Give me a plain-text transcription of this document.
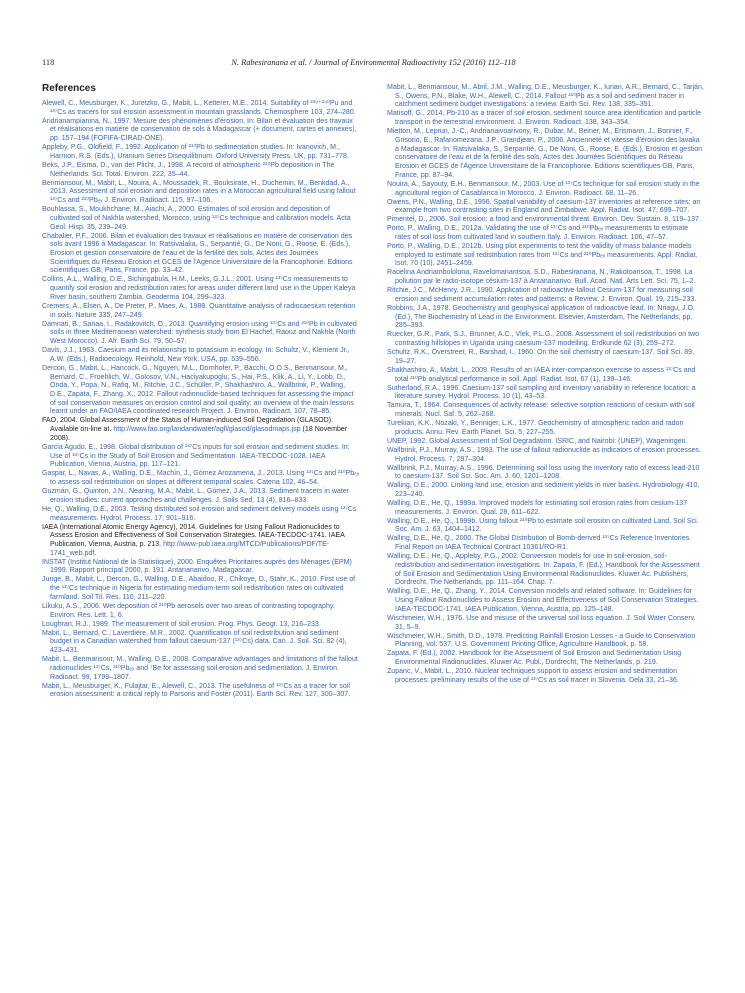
118	N. Rabesiranana et al. / Journal of Environmental Radioactivity 152 (2016) 112–118
References
Alewell, C., Meusburger, K., Juretzko, G., Mabit, L., Ketterer, M.E., 2014. Suitability of ²³⁹⁺²⁴⁰Pu and ¹³⁷Cs as tracers for soil erosion assessment in mountain grasslands. Chemosphere 103, 274–280.
Andrianampianina, N., 1997. Mesure des phénomènes d'érosion. In: Bilan et évaluation des travaux et réalisations en matière de conservation de sols à Madagascar (+ document, cartes et annexes), pp. 157–194 (FOFIFA-CIRAD-ONE).
Appleby, P.G., Oldfield, F., 1992. Application of ²¹⁰Pb to sedimentation studies. In: Ivanovich, M., Harmon, R.S. (Eds.), Uranium Series Disequilibrium. Oxford University Press, UK, pp. 731–778.
Beks, J.P., Eisma, D., van der Plicht, J., 1998. A record of atmospheric ²¹⁰Pb deposition in The Netherlands. Sci. Total. Environ. 222, 35–44.
Benmansour, M., Mabit, L., Nouira, A., Moussadek, R., Bouksirate, H., Duchemin, M., Benkdad, A., 2013. Assessment of soil erosion and deposition rates in a Moroccan agricultural field using fallout ¹³⁷Cs and ²¹⁰Pbₑₓ J. Environ. Radioact. 115, 97–106.
Bouhlassa, S., Moukhchane, M., Aiachi, A., 2000. Estimates of soil erosion and deposition of cultivated soil of Nakhla watershed, Morocco, using ¹³⁷Cs technique and calibration models. Acta Geol. Hisp. 35, 239–249.
Chabalier, P.F., 2006. Bilan et évaluation des travaux et réalisations en matière de conservation des sols avant 1996 à Madagascar. In: Ratsivalaka, S., Serpantié, G., De Noni, G., Roose, E. (Eds.), Erosion et gestion conservatoire de l'eau et de la fertilité des sols, Actes des Journées Scientifiques du Réseau Erosion et GCES de l'Agence Universitaire de la Francophonie. Editions scientifiques GB, Paris, France, pp. 33–42.
Collins, A.L., Walling, D.E., Sichingabula, H.M., Leeks, G.J.L., 2001. Using ¹³⁷Cs measurements to quantify soil erosion and redistribution rates for areas under different land use in the Upper Kaleya River basin, southern Zambia. Geoderma 104, 299–323.
Cremers, A., Elsen, A., De Preter, P., Maes, A., 1988. Quantitative analysis of radiocaesium retention in soils. Nature 335, 247–249.
Damnati, B., Sanaa, I., Radakovitch, O., 2013. Quantifying erosion using ¹³⁷Cs and ²¹⁰Pb in cultivated soils in three Mediterranean watershed: synthesis study from El Hachef, Raouz and Nakhla (North West Morocco). J. Afr. Earth Sci. 79, 50–57.
Davis, J.J., 1963. Caesium and its relationship to potassium in ecology. In: Schultz, V., Klement Jr., A.W. (Eds.), Radioecology. Reinhold, New York, USA, pp. 539–556.
Dercon, G., Mabit, L., Hancock, G., Nguyen, M.L., Dornhofer, P., Bacchi, O.O.S., Benmansour, M., Bernard, C., Froehlich, W., Golosov, V.N., Haciyakupoglu, S., Hai, P.S., Klik, A., Li, Y., Lobb, D., Onda, Y., Popa, N., Rafiq, M., Ritchie, J.C., Schüller, P., Shakhashiro, A., Wallbrink, P., Walling, D.E., Zapata, F., Zhang, X., 2012. Fallout radionuclide-based techniques for assessing the impact of soil conservation measures on erosion control and soil quality: an overview of the main lessons learnt under an FAO/IAEA coordinated research Project. J. Environ. Radioact. 107, 78–85.
FAO, 2004. Global Assessment of the Status of Human-induced Soil Degradation (GLASOD). Available on-line at. http://www.fao.org/landandwater/agll/glasod/glasodmaps.jsp (18 November 2008).
Garcia Agudo, E., 1998. Global distribution of ¹³⁷Cs inputs for soil erosion and sediment studies. In: Use of ¹³⁷Cs in the Study of Soil Erosion and Sedimentation. IAEA-TECDOC-1028. IAEA Publication, Vienna, Austria, pp. 117–121.
Gaspar, L., Navas, A., Walling, D.E., Machín, J., Gómez Arozamena, J., 2013. Using ¹³⁷Cs and ²¹⁰Pbₑₓ to assess soil redistribution on slopes at different temporal scales. Catena 102, 46–54.
Guzmán, G., Quinton, J.N., Nearing, M.A., Mabit, L., Gómez, J.A., 2013. Sediment tracers in water erosion studies: current approaches and challenges. J. Soils Sed. 13 (4), 816–833.
He, Q., Walling, D.E., 2003. Testing distributed soil erosion and sediment delivery models using ¹³⁷Cs measurements. Hydrol. Process. 17, 901–916.
IAEA (International Atomic Energy Agency), 2014. Guidelines for Using Fallout Radionuclides to Assess Erosion and Effectiveness of Soil Conservation Strategies. IAEA-TECDOC-1741. IAEA Publication, Vienna, Austria, p. 213. http://www-pub.iaea.org/MTCD/Publications/PDF/TE-1741_web.pdf.
INSTAT (Institut National de la Statistique), 2000. Enquêtes Prioritaires auprès des Ménages (EPM) 1999. Rapport principal 2000, p. 191. Antananarivo, Madagascar.
Junge, B., Mabit, L., Dercon, G., Walling, D.E., Abaidoo, R., Chikoye, D., Stahr, K., 2010. First use of the ¹³⁷Cs technique in Nigeria for estimating medium-term soil redistribution rates on cultivated farmland. Soil Til. Res. 110, 211–220.
Likuku, A.S., 2006. Wet deposition of ²¹⁰Pb aerosols over two areas of contrasting topography. Environ. Res. Lett. 1, 6.
Loughran, R.J., 1989. The measurement of soil erosion. Prog. Phys. Geogr. 13, 216–233.
Mabit, L., Bernard, C., Laverdière, M.R., 2002. Quantification of soil redistribution and sediment budget in a Canadian watershed from fallout caesium-137 (¹³⁷Cs) data. Can. J. Soil. Sci. 82 (4), 423–431.
Mabit, L., Benmansour, M., Walling, D.E., 2008. Comparative advantages and limitations of the fallout radionuclides ¹³⁷Cs, ²¹⁰Pbₑₓ and ⁷Be for assessing soil erosion and sedimentation. J. Environ. Radioact. 99, 1799–1807.
Mabit, L., Meusburger, K., Fulajtar, E., Alewell, C., 2013. The usefulness of ¹³⁷Cs as a tracer for soil erosion assessment: a critical reply to Parsons and Foster (2011). Earth Sci. Rev. 127, 300–307.
Mabit, L., Benmansour, M., Abril, J.M., Walling, D.E., Meusburger, K., Iurian, A.R., Bernard, C., Tarján, S., Owens, P.N., Blake, W.H., Alewell, C., 2014. Fallout ²¹⁰Pb as a soil and sediment tracer in catchment sediment budget investigations: a review. Earth Sci. Rev. 138, 335–351.
Matisoff, G., 2014. Pb-210 as a tracer of soil erosion, sediment source area identification and particle transport in the terrestrial environment. J. Environ. Radioact. 138, 343–354.
Mietton, M., Leprun, J.-C., Andrianaivoarivony, R., Dubar, M., Beiner, M., Erismann, J., Bonnier, F., Grisorio, E., Rafanomezana, J.P., Grandjean, P., 2006. Ancienneté et vitesse d'érosion des lavaka à Madagascar. In: Ratsivalaka, S., Serpantié, G., De Noni, G., Roose, E. (Eds.), Erosion et gestion conservatoire de l'eau et de la fertilité des sols, Actes des Journées Scientifiques du Réseau Erosion et GCES de l'Agence Universitaire de la Francophonie. Editions scientifiques GB, Paris, France, pp. 87–94.
Nouira, A., Sayouty, E.H., Benmansour, M., 2003. Use of ¹³⁷Cs technique for soil erosion study in the agricultural region of Casablanca in Morocco. J. Environ. Radioact. 68, 11–26.
Owens, P.N., Walling, D.E., 1996. Spatial variability of caesium-137 inventories at reference sites: an example from two contrasting sites in England and Zimbabwe. Appl. Radiat. Isot. 47, 699–707.
Pimentel, D., 2006. Soil erosion: a food and environmental threat. Environ. Dev. Sustain. 8, 119–137.
Porto, P., Walling, D.E., 2012a. Validating the use of ¹³⁷Cs and ²¹⁰Pbₑₓ measurements to estimate rates of soil loss from cultivated land in southern Italy. J. Environ. Radioact. 106, 47–57.
Porto, P., Walling, D.E., 2012b. Using plot experiments to test the validity of mass balance models employed to estimate soil redistribution rates from ¹³⁷Cs and ²¹⁰Pbₑₓ measurements. Appl. Radiat. Isot. 70 (10), 2451–2459.
Raoelina Andriambololona, Ravelomanantsoa, S.D., Rabesiranana, N., Rakotoarisoa, T., 1998. La pollution par le radio-isotope césium-137 à Antananarivo. Bull. Acad. Natl. Arts Lett. Sci. 75, 1–2.
Ritchie, J.C., McHenry, J.R., 1990. Application of radioactive fallout Cesium-137 for measuring soil erosion and sediment accumulation rates and patterns: a Review. J. Environ. Qual. 19, 215–233.
Robbins, J.A., 1978. Geochemistry and geophysical application of radioactive lead. In: Nriagu, J.O. (Ed.), The Biochemistry of Lead in the Environment. Elsevier, Amsterdam, The Netherlands, pp. 285–393.
Ruecker, G.R., Park, S.J., Brunner, A.C., Vlek, P.L.G., 2008. Assessment of soil redistribution on two contrasting hillslopes in Uganda using caesium-137 modelling. Erdkunde 62 (3), 259–272.
Schultz, R.K., Overstreet, R., Barshad, I., 1960. On the soil chemistry of caesium-137. Soil Sci. 89, 19–27.
Shakhashiro, A., Mabit, L., 2009. Results of an IAEA inter-comparison exercise to assess ¹³⁷Cs and total ²¹⁰Pb analytical performance in soil. Appl. Radiat. Isot. 67 (1), 139–146.
Sutherland, R.A., 1996. Caesium-137 soil sampling and inventory variability in reference location: a literature survey. Hydrol. Process. 10 (1), 43–53.
Tamura, T., 1964. Consequences of activity release: selective sorption reactions of cesium with soil minerals. Nucl. Saf. 5, 262–268.
Turekian, K.K., Nozaki, Y., Benniger, L.K., 1977. Geochemistry of atmospheric radon and radon products. Annu. Rev. Earth Planet. Sci. 5, 227–255.
UNEP, 1992. Global Assessment of Soil Degradation. ISRIC, and Nairobi: (UNEP), Wageningen.
Wallbrink, P.J., Murray, A.S., 1993. The use of fallout radionuclide as indicators of erosion processes. Hydrol. Process. 7, 297–304.
Wallbrink, P.J., Murray, A.S., 1996. Determining soil loss using the inventory ratio of excess lead-210 to caesium-137. Soil Sci. Soc. Am. J. 60, 1201–1208.
Walling, D.E., 2000. Linking land use, erosion and sediment yields in river basins. Hydrobiology 410, 223–240.
Walling, D.E., He, Q., 1999a. Improved models for estimating soil erosion rates from cesium-137 measurements. J. Environ. Qual. 28, 611–622.
Walling, D.E., He, Q., 1999b. Using fallout ²¹⁰Pb to estimate soil erosion on cultivated Land. Soil Sci. Soc. Am. J. 63, 1404–1412.
Walling, D.E., He, Q., 2000. The Global Distribution of Bomb-derived ¹³⁷Cs Reference Inventories. Final Report on IAEA Technical Contract 10361/RO-R1.
Walling, D.E., He, Q., Appleby, P.G., 2002. Conversion models for use in soil-erosion, soil-redistribution and sedimentation investigations. In: Zapata, F. (Ed.), Handbook for the Assessment of Soil Erosion and Sedimentation Using Environmental Radionuclides. Kluwer Ac. Publishers, Dordrecht, The Netherlands, pp. 111–164. Chap. 7.
Walling, D.E., He, Q., Zhang, Y., 2014. Conversion models and related software. In: Guidelines for Using Fallout Radionuclides to Assess Erosion and Effectiveness of Soil Conservation Strategies. IAEA-TECDOC-1741. IAEA Publication, Vienna, Austria, pp. 125–148.
Wischmeier, W.H., 1976. Use and misuse of the universal soil loss equation. J. Soil Water Conserv. 31, 5–9.
Wischmeier, W.H., Smith, D.D., 1978. Predicting Rainfall Erosion Losses - a Guide to Conservation Planning, vol. 537. U.S. Government Printing Office, Agriculture Handbook, p. 58.
Zapata, F. (Ed.), 2002. Handbook for the Assessment of Soil Erosion and Sedimentation Using Environmental Radionuclides. Kluwer Ac. Publ., Dordrecht, The Netherlands, p. 219.
Zupanc, V., Mabit, L., 2010. Nuclear techniques support to assess erosion and sedimentation processes: preliminary results of the use of ¹³⁷Cs as soil tracer in Slovenia. Dela 33, 21–36.
